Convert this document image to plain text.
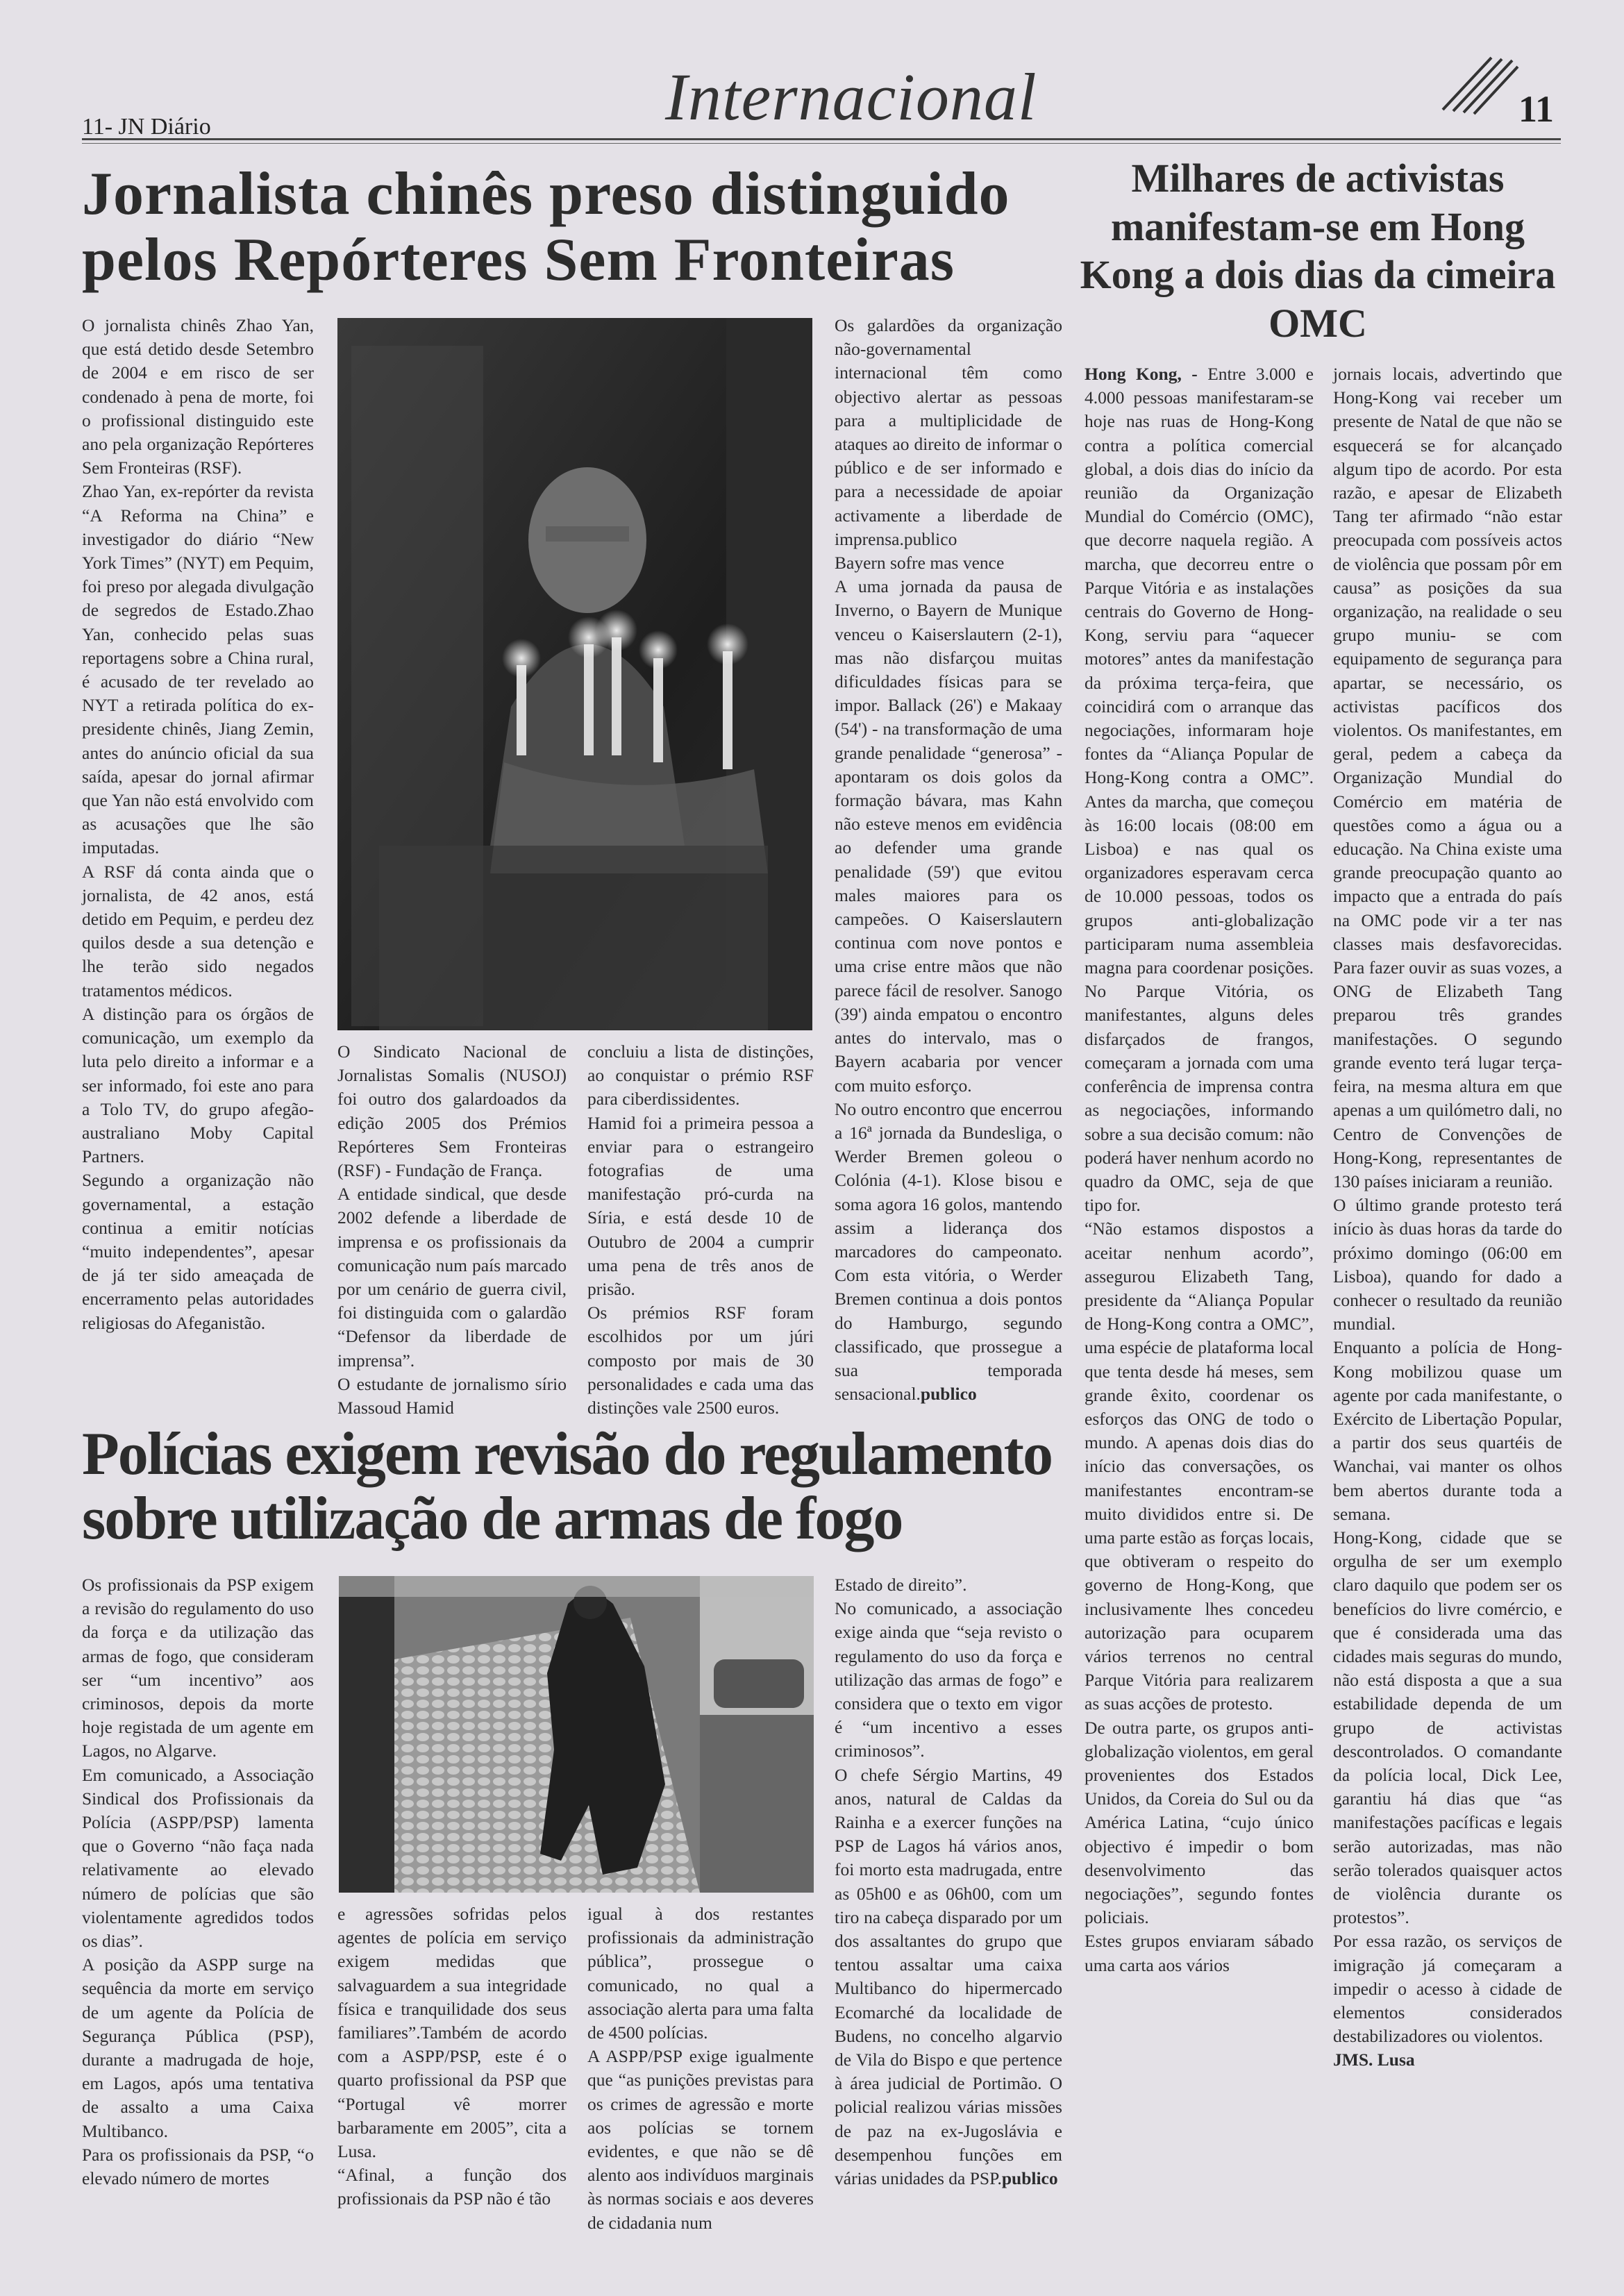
Internacional
11- JN Diário	11
Jornalista chinês preso distinguido pelos Repórteres Sem Fronteiras
Milhares de activistas manifestam-se em Hong Kong a dois dias da cimeira OMC

O jornalista chinês Zhao Yan, que está detido desde Setembro de 2004 e em risco de ser condenado à pena de morte, foi o profissional distinguido este ano pela organização Repórteres Sem Fronteiras (RSF).

Zhao Yan, ex-repórter da revista “A Reforma na China” e investigador do diário “New York Times” (NYT) em Pequim, foi preso por alegada divulgação de segredos de Estado.Zhao Yan, conhecido pelas suas reportagens sobre a China rural, é acusado de ter revelado ao NYT a retirada política do ex-presidente chinês, Jiang Zemin, antes do anúncio oficial da sua saída, apesar do jornal afirmar que Yan não está envolvido com as acusações que lhe são imputadas.

A RSF dá conta ainda que o jornalista, de 42 anos, está detido em Pequim, e perdeu dez quilos desde a sua detenção e lhe terão sido negados tratamentos médicos.

A distinção para os órgãos de comunicação, um exemplo da luta pelo direito a informar e a ser informado, foi este ano para a Tolo TV, do grupo afegão-australiano Moby Capital Partners.

Segundo a organização não governamental, a estação continua a emitir notícias “muito independentes”, apesar de já ter sido ameaçada de encerramento pelas autoridades religiosas do Afeganistão.

O Sindicato Nacional de Jornalistas Somalis (NUSOJ) foi outro dos galardoados da edição 2005 dos Prémios Repórteres Sem Fronteiras (RSF) - Fundação de França.

A entidade sindical, que desde 2002 defende a liberdade de imprensa e os profissionais da comunicação num país marcado por um cenário de guerra civil, foi distinguida com o galardão “Defensor da liberdade de imprensa”.

O estudante de jornalismo sírio Massoud Hamid

concluiu a lista de distinções, ao conquistar o prémio RSF para ciberdissidentes.

Hamid foi a primeira pessoa a enviar para o estrangeiro fotografias de uma manifestação pró-curda na Síria, e está desde 10 de Outubro de 2004 a cumprir uma pena de três anos de prisão.

Os prémios RSF foram escolhidos por um júri composto por mais de 30 personalidades e cada uma das distinções vale 2500 euros.

Os galardões da organização não-governamental internacional têm como objectivo alertar as pessoas para a multiplicidade de ataques ao direito de informar o público e de ser informado e para a necessidade de apoiar activamente a liberdade de imprensa.publico

Bayern sofre mas vence

A uma jornada da pausa de Inverno, o Bayern de Munique venceu o Kaiserslautern (2-1), mas não disfarçou muitas dificuldades físicas para se impor. Ballack (26') e Makaay (54') - na transformação de uma grande penalidade “generosa” - apontaram os dois golos da formação bávara, mas Kahn não esteve menos em evidência ao defender uma grande penalidade (59') que evitou males maiores para os campeões. O Kaiserslautern continua com nove pontos e uma crise entre mãos que não parece fácil de resolver. Sanogo (39') ainda empatou o encontro antes do intervalo, mas o Bayern acabaria por vencer com muito esforço.

No outro encontro que encerrou a 16ª jornada da Bundesliga, o Werder Bremen goleou o Colónia (4-1). Klose bisou e soma agora 16 golos, mantendo assim a liderança dos marcadores do campeonato. Com esta vitória, o Werder Bremen continua a dois pontos do Hamburgo, segundo classificado, que prossegue a sua temporada sensacional.publico

Polícias exigem revisão do regulamento sobre utilização de armas de fogo

Os profissionais da PSP exigem a revisão do regulamento do uso da força e da utilização das armas de fogo, que consideram ser “um incentivo” aos criminosos, depois da morte hoje registada de um agente em Lagos, no Algarve.

Em comunicado, a Associação Sindical dos Profissionais da Polícia (ASPP/PSP) lamenta que o Governo “não faça nada relativamente ao elevado número de polícias que são violentamente agredidos todos os dias”.

A posição da ASPP surge na sequência da morte em serviço de um agente da Polícia de Segurança Pública (PSP), durante a madrugada de hoje, em Lagos, após uma tentativa de assalto a uma Caixa Multibanco.

Para os profissionais da PSP, “o elevado número de mortes

e agressões sofridas pelos agentes de polícia em serviço exigem medidas que salvaguardem a sua integridade física e tranquilidade dos seus familiares”.Também de acordo com a ASPP/PSP, este é o quarto profissional da PSP que “Portugal vê morrer barbaramente em 2005”, cita a Lusa.

“Afinal, a função dos profissionais da PSP não é tão

igual à dos restantes profissionais da administração pública”, prossegue o comunicado, no qual a associação alerta para uma falta de 4500 polícias.

A ASPP/PSP exige igualmente que “as punições previstas para os crimes de agressão e morte aos polícias se tornem evidentes, e que não se dê alento aos indivíduos marginais às normas sociais e aos deveres de cidadania num

Estado de direito”.

No comunicado, a associação exige ainda que “seja revisto o regulamento do uso da força e utilização das armas de fogo” e considera que o texto em vigor é “um incentivo a esses criminosos”.

O chefe Sérgio Martins, 49 anos, natural de Caldas da Rainha e a exercer funções na PSP de Lagos há vários anos, foi morto esta madrugada, entre as 05h00 e as 06h00, com um tiro na cabeça disparado por um dos assaltantes do grupo que tentou assaltar uma caixa Multibanco do hipermercado Ecomarché da localidade de Budens, no concelho algarvio de Vila do Bispo e que pertence à área judicial de Portimão. O policial realizou várias missões de paz na ex-Jugoslávia e desempenhou funções em várias unidades da PSP.publico

Hong Kong, - Entre 3.000 e 4.000 pessoas manifestaram-se hoje nas ruas de Hong-Kong contra a política comercial global, a dois dias do início da reunião da Organização Mundial do Comércio (OMC), que decorre naquela região. A marcha, que decorreu entre o Parque Vitória e as instalações centrais do Governo de Hong-Kong, serviu para “aquecer motores” antes da manifestação da próxima terça-feira, que coincidirá com o arranque das negociações, informaram hoje fontes da “Aliança Popular de Hong-Kong contra a OMC”. Antes da marcha, que começou às 16:00 locais (08:00 em Lisboa) e nas qual os organizadores esperavam cerca de 10.000 pessoas, todos os grupos anti-globalização participaram numa assembleia magna para coordenar posições. No Parque Vitória, os manifestantes, alguns deles disfarçados de frangos, começaram a jornada com uma conferência de imprensa contra as negociações, informando sobre a sua decisão comum: não poderá haver nenhum acordo no quadro da OMC, seja de que tipo for.

“Não estamos dispostos a aceitar nenhum acordo”, assegurou Elizabeth Tang, presidente da “Aliança Popular de Hong-Kong contra a OMC”, uma espécie de plataforma local que tenta desde há meses, sem grande êxito, coordenar os esforços das ONG de todo o mundo. A apenas dois dias do início das conversações, os manifestantes encontram-se muito divididos entre si. De uma parte estão as forças locais, que obtiveram o respeito do governo de Hong-Kong, que inclusivamente lhes concedeu autorização para ocuparem vários terrenos no central Parque Vitória para realizarem as suas acções de protesto.

De outra parte, os grupos anti-globalização violentos, em geral provenientes dos Estados Unidos, da Coreia do Sul ou da América Latina, “cujo único objectivo é impedir o bom desenvolvimento das negociações”, segundo fontes policiais.

Estes grupos enviaram sábado uma carta aos vários

jornais locais, advertindo que Hong-Kong vai receber um presente de Natal de que não se esquecerá se for alcançado algum tipo de acordo. Por esta razão, e apesar de Elizabeth Tang ter afirmado “não estar preocupada com possíveis actos de violência que possam pôr em causa” as posições da sua organização, na realidade o seu grupo muniu- se com equipamento de segurança para apartar, se necessário, os activistas pacíficos dos violentos. Os manifestantes, em geral, pedem a cabeça da Organização Mundial do Comércio em matéria de questões como a água ou a educação. Na China existe uma grande preocupação quanto ao impacto que a entrada do país na OMC pode vir a ter nas classes mais desfavorecidas. Para fazer ouvir as suas vozes, a ONG de Elizabeth Tang preparou três grandes manifestações. O segundo grande evento terá lugar terça-feira, na mesma altura em que apenas a um quilómetro dali, no Centro de Convenções de Hong-Kong, representantes de 130 países iniciaram a reunião.

O último grande protesto terá início às duas horas da tarde do próximo domingo (06:00 em Lisboa), quando for dado a conhecer o resultado da reunião mundial.

Enquanto a polícia de Hong-Kong mobilizou quase um agente por cada manifestante, o Exército de Libertação Popular, a partir dos seus quartéis de Wanchai, vai manter os olhos bem abertos durante toda a semana.

Hong-Kong, cidade que se orgulha de ser um exemplo claro daquilo que podem ser os benefícios do livre comércio, e que é considerada uma das cidades mais seguras do mundo, não está disposta a que a sua estabilidade dependa de um grupo de activistas descontrolados. O comandante da polícia local, Dick Lee, garantiu há dias que “as manifestações pacíficas e legais serão autorizadas, mas não serão tolerados quaisquer actos de violência durante os protestos”.

Por essa razão, os serviços de imigração já começaram a impedir o acesso à cidade de elementos considerados destabilizadores ou violentos.

JMS. Lusa
